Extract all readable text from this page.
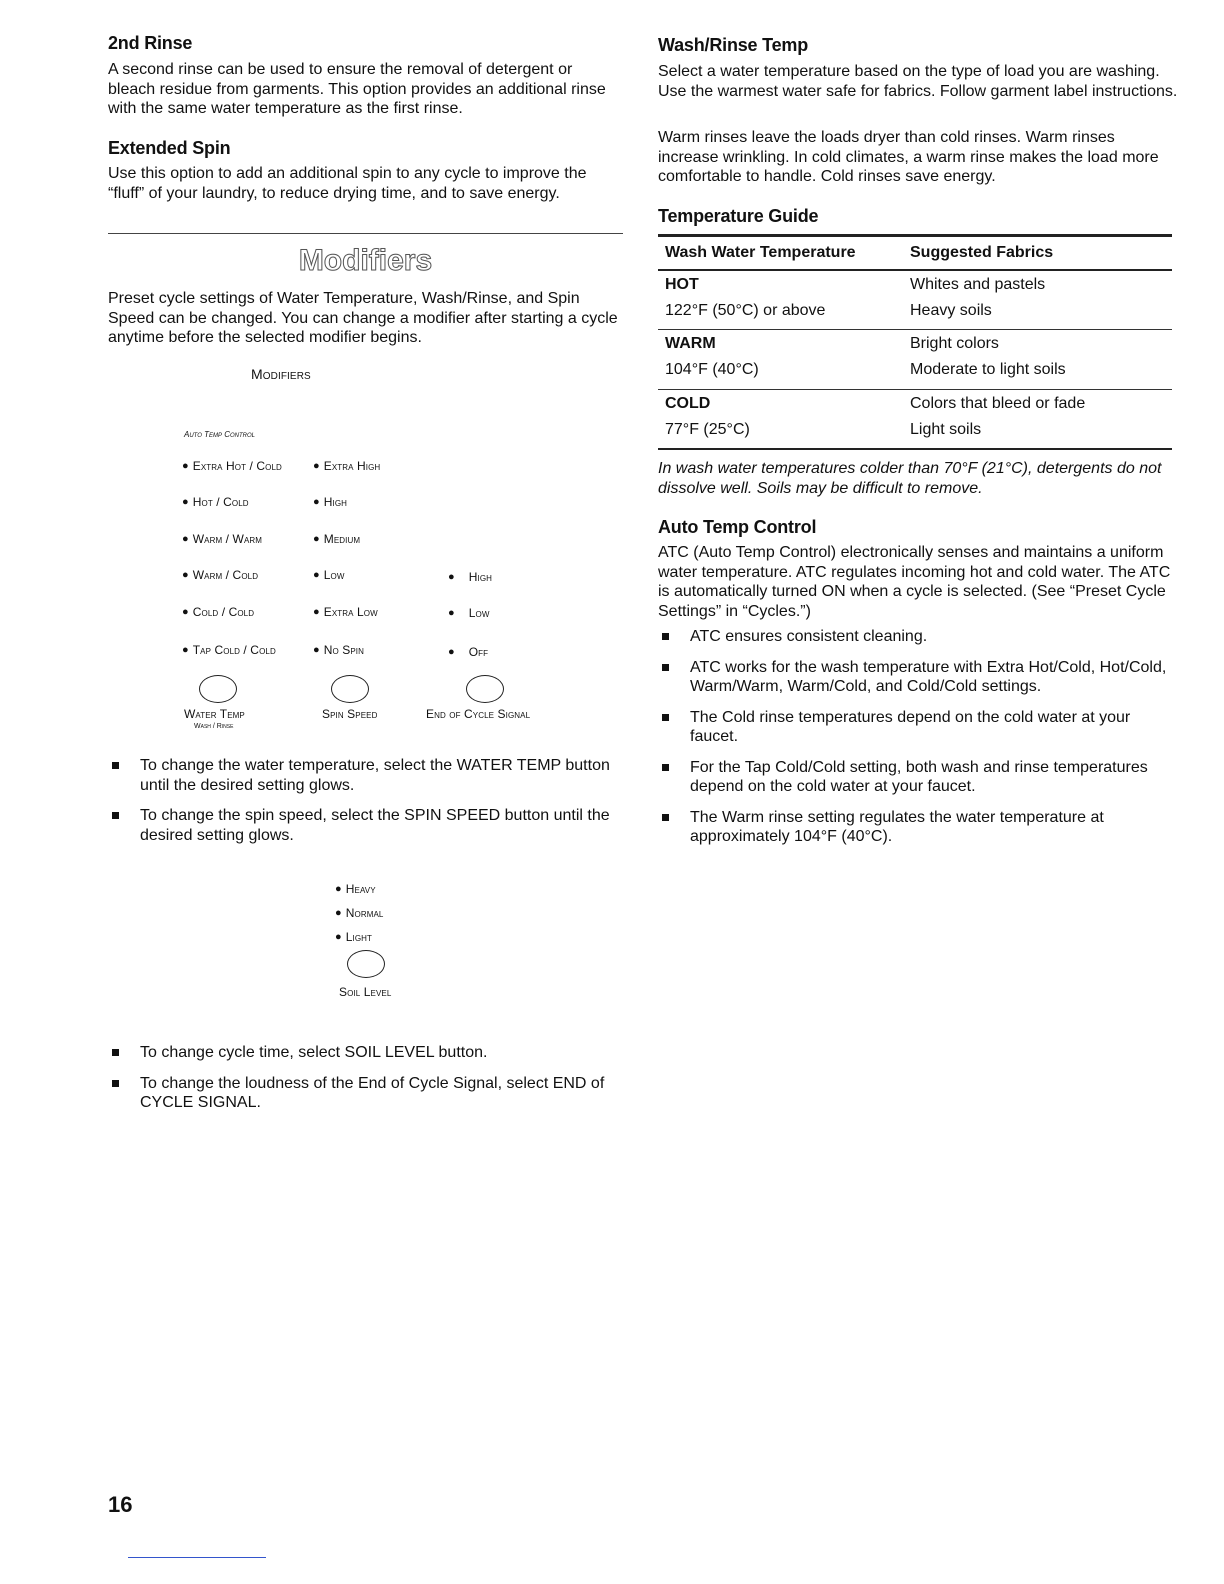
2nd Rinse

A second rinse can be used to ensure the removal of detergent or bleach residue from garments. This option provides an additional rinse with the same water temperature as the first rinse.

Extended Spin

Use this option to add an additional spin to any cycle to improve the “fluff” of your laundry, to reduce drying time, and to save energy.

Modifiers

Preset cycle settings of Water Temperature, Wash/Rinse, and Spin Speed can be changed. You can change a modifier after starting a cycle anytime before the selected modifier begins.

Modifiers
Auto Temp Control
● Extra Hot / Cold
● Hot / Cold
● Warm / Warm
● Warm / Cold
● Cold / Cold
● Tap Cold / Cold
● Extra High
● High
● Medium
● Low
● Extra Low
● No Spin
● High
● Low
● Off
Water Temp
Wash / Rinse
Spin Speed	End of Cycle Signal
To change the water temperature, select the WATER TEMP button until the desired setting glows.
To change the spin speed, select the SPIN SPEED button until the desired setting glows.
● Heavy
● Normal
● Light
Soil Level
To change cycle time, select SOIL LEVEL button.
To change the loudness of the End of Cycle Signal, select END of CYCLE SIGNAL.
16
Wash/Rinse Temp

Select a water temperature based on the type of load you are washing. Use the warmest water safe for fabrics. Follow garment label instructions.

Warm rinses leave the loads dryer than cold rinses. Warm rinses increase wrinkling. In cold climates, a warm rinse makes the load more comfortable to handle. Cold rinses save energy.

Temperature Guide
Wash Water Temperature	Suggested Fabrics
HOT	Whites and pastels
122°F (50°C) or above	Heavy soils
WARM	Bright colors
104°F (40°C)	Moderate to light soils
COLD	Colors that bleed or fade
77°F (25°C)	Light soils

In wash water temperatures colder than 70°F (21°C), detergents do not dissolve well. Soils may be difficult to remove.

Auto Temp Control

ATC (Auto Temp Control) electronically senses and maintains a uniform water temperature. ATC regulates incoming hot and cold water. The ATC is automatically turned ON when a cycle is selected. (See “Preset Cycle Settings” in “Cycles.”)

ATC ensures consistent cleaning.
ATC works for the wash temperature with Extra Hot/Cold, Hot/Cold, Warm/Warm, Warm/Cold, and Cold/Cold settings.
The Cold rinse temperatures depend on the cold water at your faucet.
For the Tap Cold/Cold setting, both wash and rinse temperatures depend on the cold water at your faucet.
The Warm rinse setting regulates the water temperature at approximately 104°F (40°C).
